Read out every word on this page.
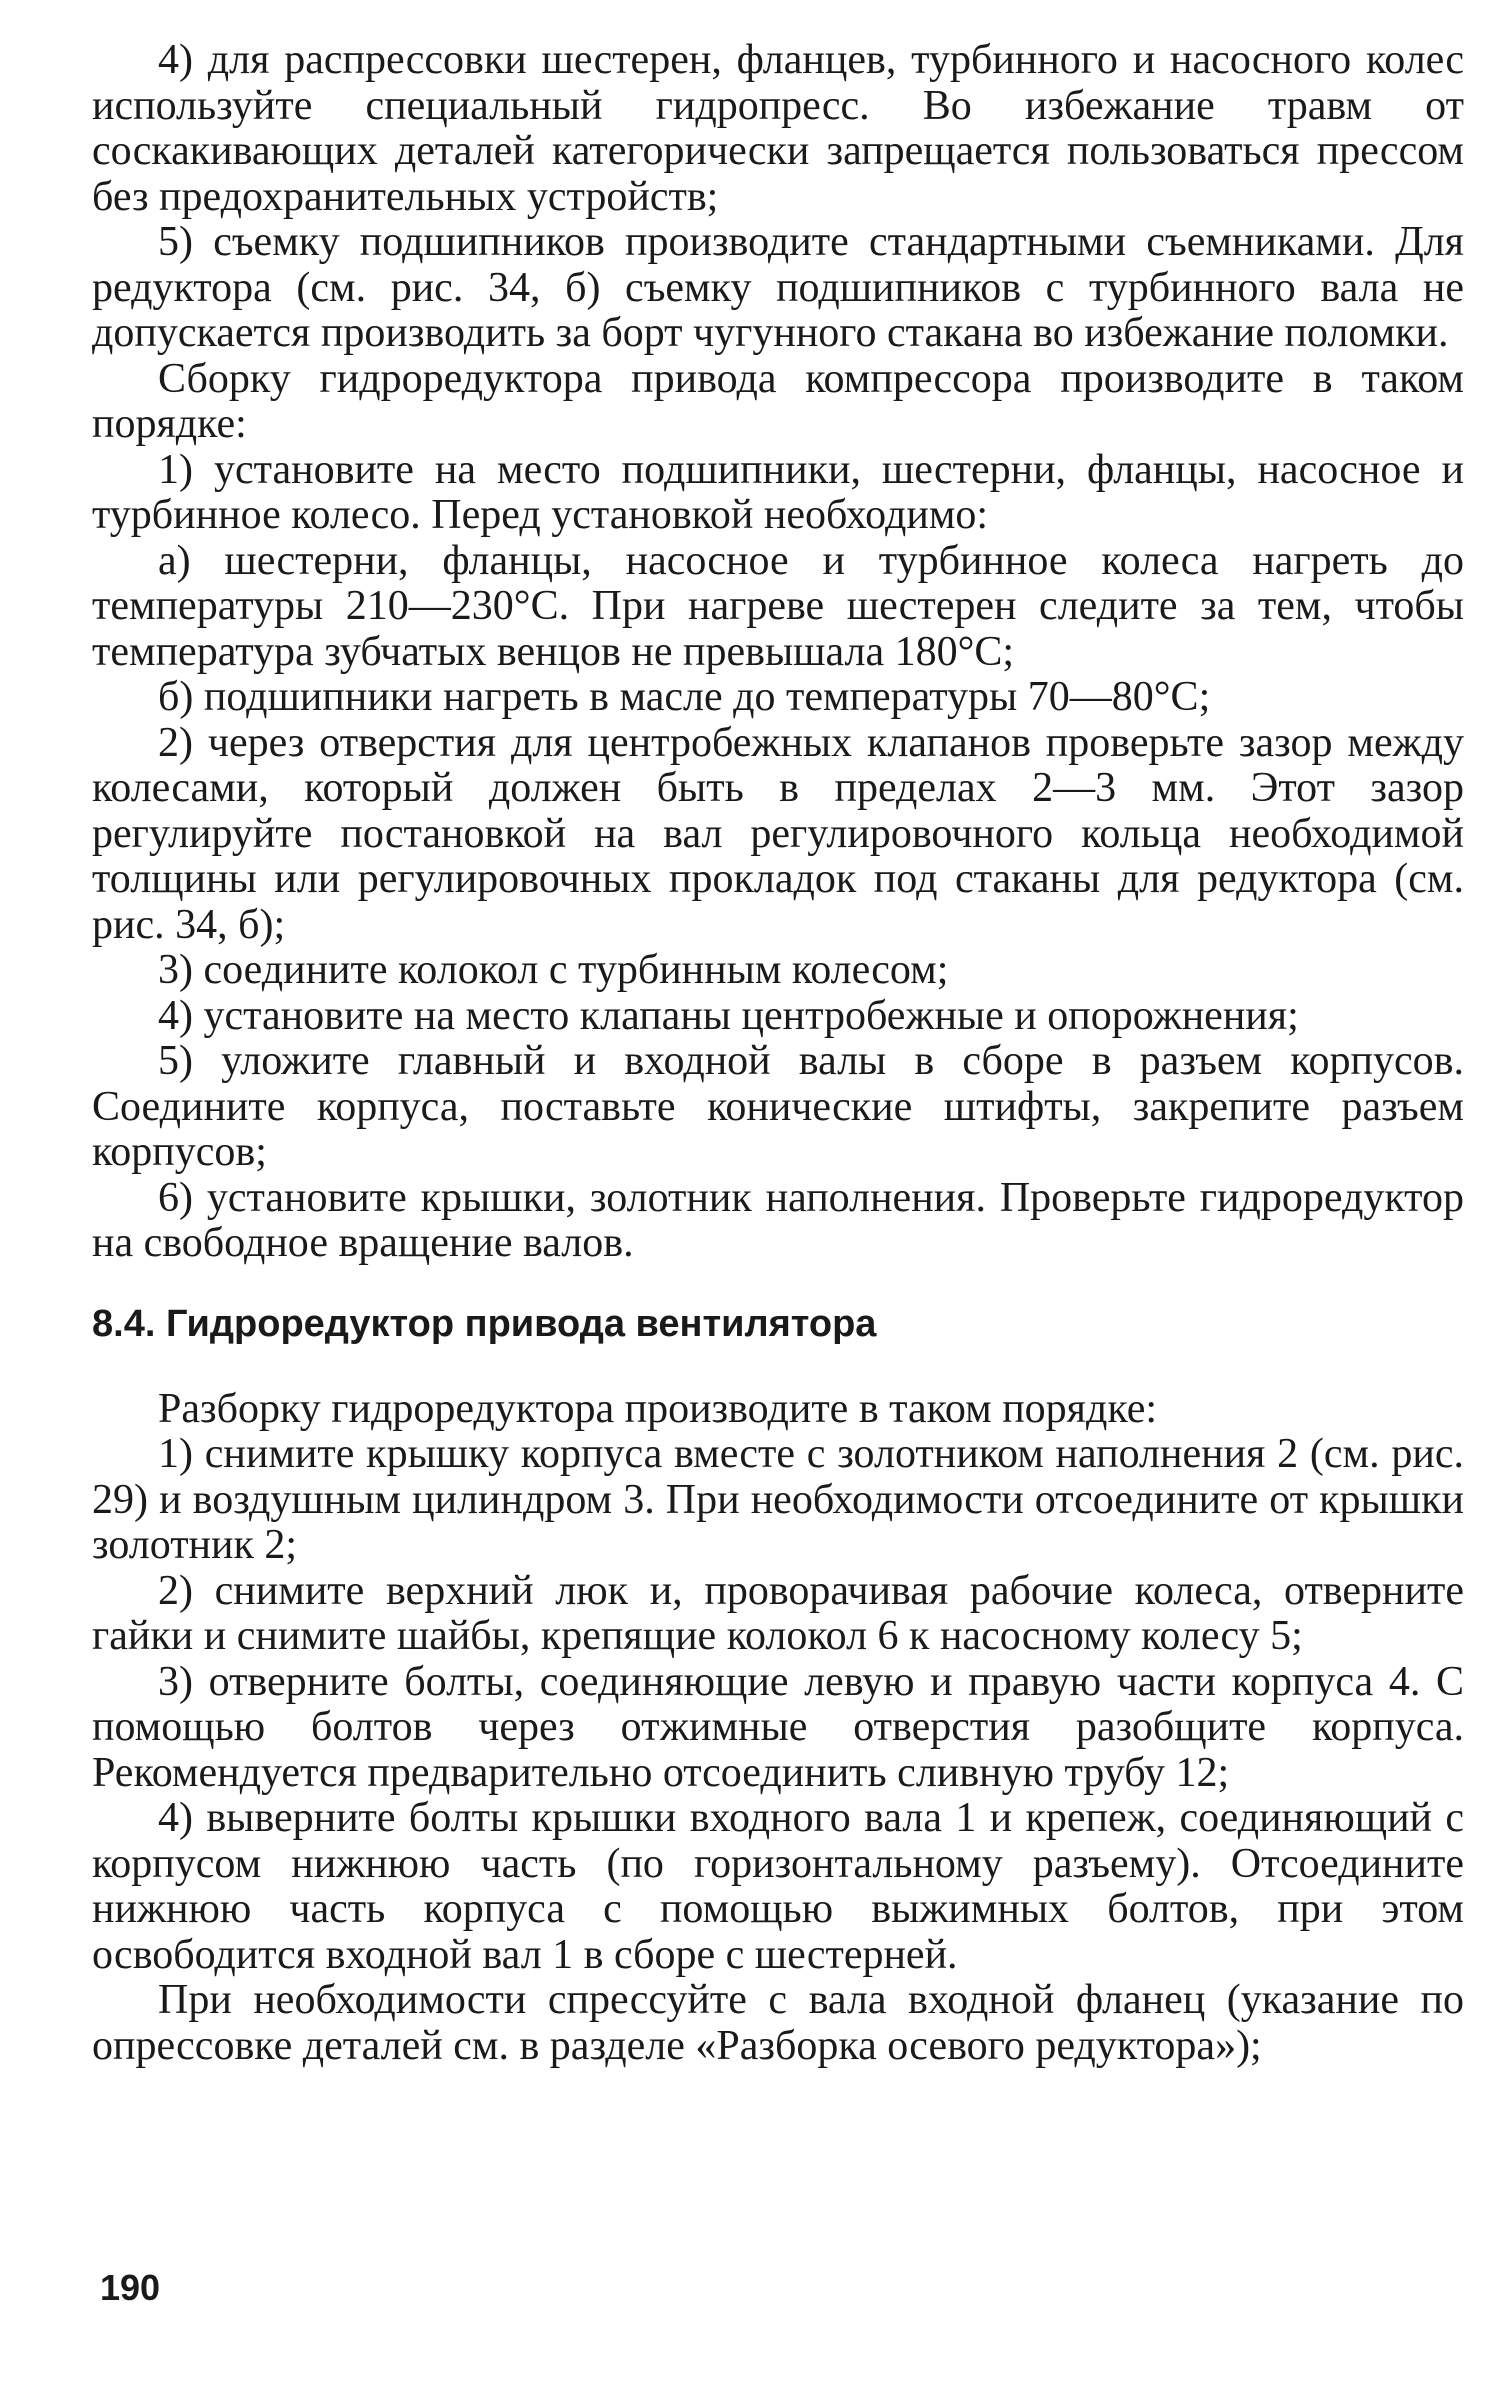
4) для распрессовки шестерен, фланцев, турбинного и насосного колес используйте специальный гидропресс. Во избежание травм от соскакивающих деталей категорически запрещается пользоваться прессом без предохранительных устройств;

5) съемку подшипников производите стандартными съемниками. Для редуктора (см. рис. 34, б) съемку подшипников с турбинного вала не допускается производить за борт чугунного стакана во избежание поломки.

Сборку гидроредуктора привода компрессора производите в таком порядке:

1) установите на место подшипники, шестерни, фланцы, насосное и турбинное колесо. Перед установкой необходимо:

а) шестерни, фланцы, насосное и турбинное колеса нагреть до температуры 210—230°С. При нагреве шестерен следите за тем, чтобы температура зубчатых венцов не превышала 180°С;

б) подшипники нагреть в масле до температуры 70—80°С;

2) через отверстия для центробежных клапанов проверьте зазор между колесами, который должен быть в пределах 2—3 мм. Этот зазор регулируйте постановкой на вал регулировочного кольца необходимой толщины или регулировочных прокладок под стаканы для редуктора (см. рис. 34, б);

3) соедините колокол с турбинным колесом;

4) установите на место клапаны центробежные и опорожнения;

5) уложите главный и входной валы в сборе в разъем корпусов. Соедините корпуса, поставьте конические штифты, закрепите разъем корпусов;

6) установите крышки, золотник наполнения. Проверьте гидроредуктор на свободное вращение валов.

8.4. Гидроредуктор привода вентилятора

Разборку гидроредуктора производите в таком порядке:

1) снимите крышку корпуса вместе с золотником наполнения 2 (см. рис. 29) и воздушным цилиндром 3. При необходимости отсоедините от крышки золотник 2;

2) снимите верхний люк и, проворачивая рабочие колеса, отверните гайки и снимите шайбы, крепящие колокол 6 к насосному колесу 5;

3) отверните болты, соединяющие левую и правую части корпуса 4. С помощью болтов через отжимные отверстия разобщите корпуса. Рекомендуется предварительно отсоединить сливную трубу 12;

4) выверните болты крышки входного вала 1 и крепеж, соединяющий с корпусом нижнюю часть (по горизонтальному разъему). Отсоедините нижнюю часть корпуса с помощью выжимных болтов, при этом освободится входной вал 1 в сборе с шестерней.

При необходимости спрессуйте с вала входной фланец (указание по опрессовке деталей см. в разделе «Разборка осевого редуктора»);

190
